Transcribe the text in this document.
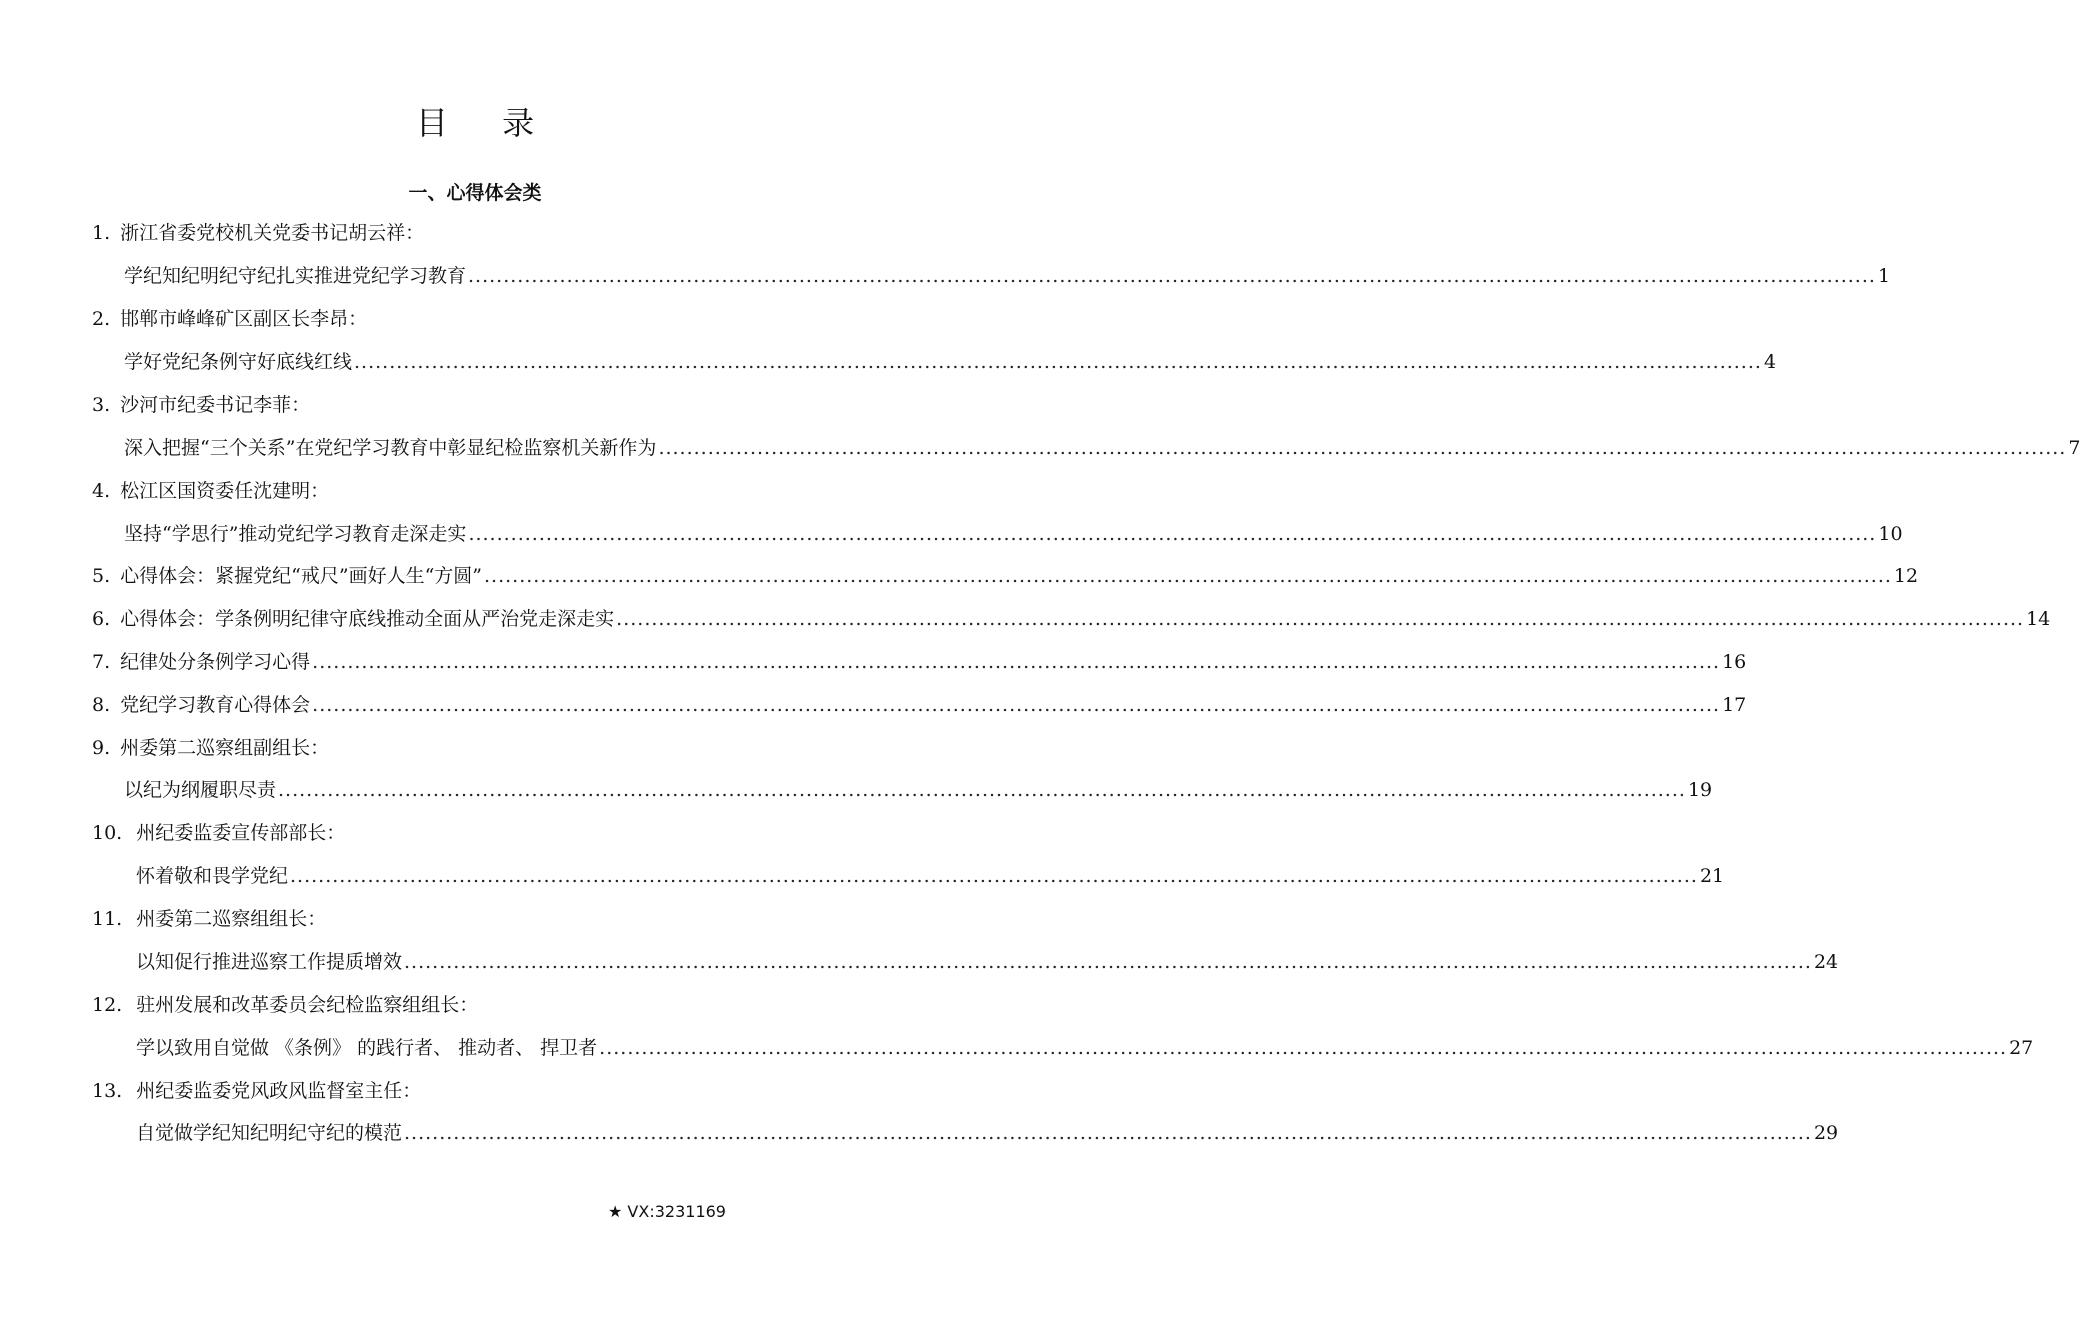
目 录
一、心得体会类
1. 浙江省委党校机关党委书记胡云祥：
学纪知纪明纪守纪扎实推进党纪学习教育 ........................................................................................................................................................................................................ 1
2. 邯郸市峰峰矿区副区长李昂：
学好党纪条例守好底线红线 ........................................................................................................................................................................................................ 4
3. 沙河市纪委书记李菲：
深入把握“三个关系”在党纪学习教育中彰显纪检监察机关新作为 ........................................................................................................................................................................................................ 7
4. 松江区国资委任沈建明：
坚持“学思行”推动党纪学习教育走深走实 ........................................................................................................................................................................................................ 10
5. 心得体会：紧握党纪“戒尺”画好人生“方圆” ........................................................................................................................................................................................................ 12
6. 心得体会：学条例明纪律守底线推动全面从严治党走深走实 ........................................................................................................................................................................................................ 14
7. 纪律处分条例学习心得 ........................................................................................................................................................................................................ 16
8. 党纪学习教育心得体会 ........................................................................................................................................................................................................ 17
9. 州委第二巡察组副组长：
以纪为纲履职尽责 ........................................................................................................................................................................................................ 19
10. 州纪委监委宣传部部长：
怀着敬和畏学党纪 ........................................................................................................................................................................................................ 21
11. 州委第二巡察组组长：
以知促行推进巡察工作提质增效 ........................................................................................................................................................................................................ 24
12. 驻州发展和改革委员会纪检监察组组长：
学以致用自觉做 《条例》 的践行者、 推动者、 捍卫者 ........................................................................................................................................................................................................ 27
13. 州纪委监委党风政风监督室主任：
自觉做学纪知纪明纪守纪的模范 ........................................................................................................................................................................................................ 29
★ VX:3231169
